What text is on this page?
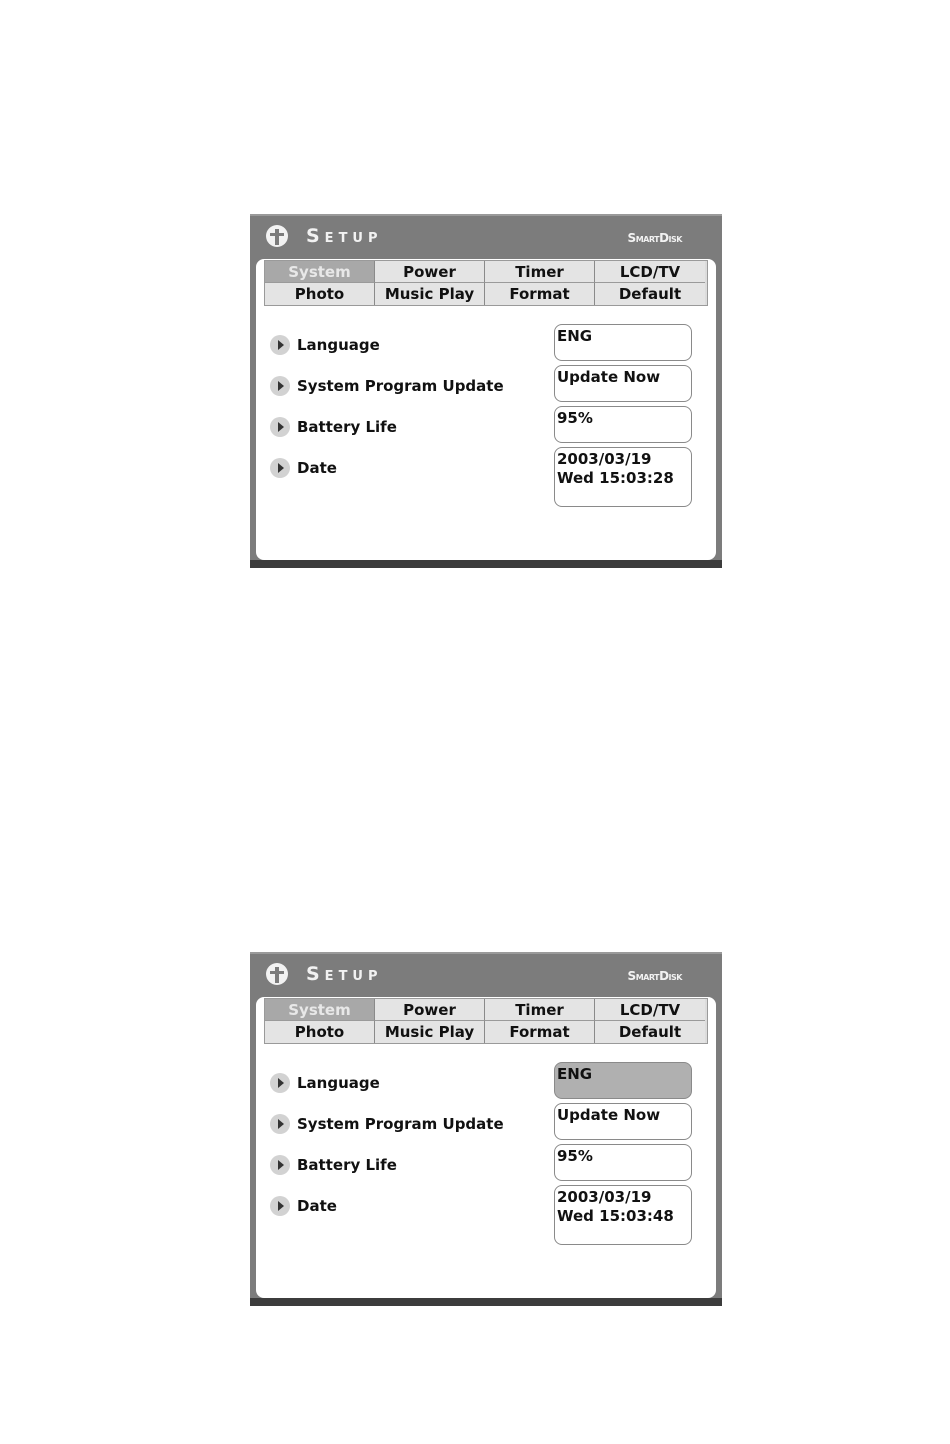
Setup	SmartDisk
System	Power	Timer	LCD/TV
Photo	Music Play	Format	Default
Language	ENG
System Program Update	Update Now
Battery Life	95%
Date	2003/03/19
Wed 15:03:28
Setup	SmartDisk
System	Power	Timer	LCD/TV
Photo	Music Play	Format	Default
Language	ENG
System Program Update	Update Now
Battery Life	95%
Date	2003/03/19
Wed 15:03:48
